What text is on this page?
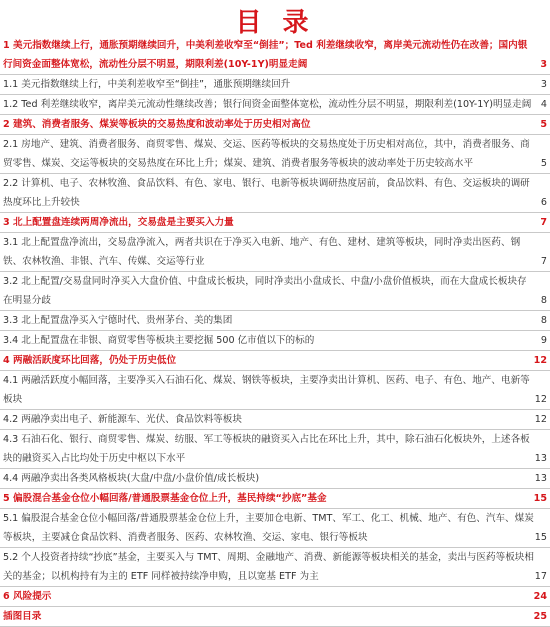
目 录
1 美元指数继续上行，通胀预期继续回升，中美利差收窄至“倒挂”；Ted 利差继续收窄，离岸美元流动性仍在改善；国内银行间资金面整体宽松，流动性分层不明显，期限利差(10Y-1Y)明显走阔	3
1.1 美元指数继续上行，中美利差收窄至“倒挂”，通胀预期继续回升	3
1.2 Ted 利差继续收窄，离岸美元流动性继续改善；银行间资金面整体宽松，流动性分层不明显，期限利差(10Y-1Y)明显走阔 4
2 建筑、消费者服务、煤炭等板块的交易热度和波动率处于历史相对高位	5
2.1 房地产、建筑、消费者服务、商贸零售、煤炭、交运、医药等板块的交易热度处于历史相对高位，其中，消费者服务、商贸零售、煤炭、交运等板块的交易热度在环比上升；煤炭、建筑、消费者服务等板块的波动率处于历史较高水平	5
2.2 计算机、电子、农林牧渔、食品饮料、有色、家电、银行、电新等板块调研热度居前，食品饮料、有色、交运板块的调研热度环比上升较快	6
3 北上配置盘连续两周净流出，交易盘是主要买入力量	7
3.1 北上配置盘净流出，交易盘净流入，两者共识在于净买入电新、地产、有色、建材、建筑等板块，同时净卖出医药、钢铁、农林牧渔、非银、汽车、传媒、交运等行业	7
3.2 北上配置/交易盘同时净买入大盘价值、中盘成长板块，同时净卖出小盘成长、中盘/小盘价值板块，而在大盘成长板块存在明显分歧	8
3.3 北上配置盘净买入宁德时代、贵州茅台、美的集团	8
3.4 北上配置盘在非银、商贸零售等板块主要挖掘 500 亿市值以下的标的	9
4 两融活跃度环比回落，仍处于历史低位	12
4.1 两融活跃度小幅回落，主要净买入石油石化、煤炭、钢铁等板块，主要净卖出计算机、医药、电子、有色、地产、电新等板块	12
4.2 两融净卖出电子、新能源车、光伏、食品饮料等板块	12
4.3 石油石化、银行、商贸零售、煤炭、纺服、军工等板块的融资买入占比在环比上升，其中，除石油石化板块外，上述各板块的融资买入占比均处于历史中枢以下水平	13
4.4 两融净卖出各类风格板块(大盘/中盘/小盘价值/成长板块)	13
5 偏股混合基金仓位小幅回落/普通股票基金仓位上升，基民持续“抄底”基金	15
5.1 偏股混合基金仓位小幅回落/普通股票基金仓位上升，主要加仓电新、TMT、军工、化工、机械、地产、有色、汽车、煤炭等板块，主要减仓食品饮料、消费者服务、医药、农林牧渔、交运、家电、银行等板块	15
5.2 个人投资者持续“抄底”基金，主要买入与 TMT、周期、金融地产、消费、新能源等板块相关的基金，卖出与医药等板块相关的基金；以机构持有为主的 ETF 同样被持续净申购，且以宽基 ETF 为主	17
6 风险提示	24
插图目录	25
